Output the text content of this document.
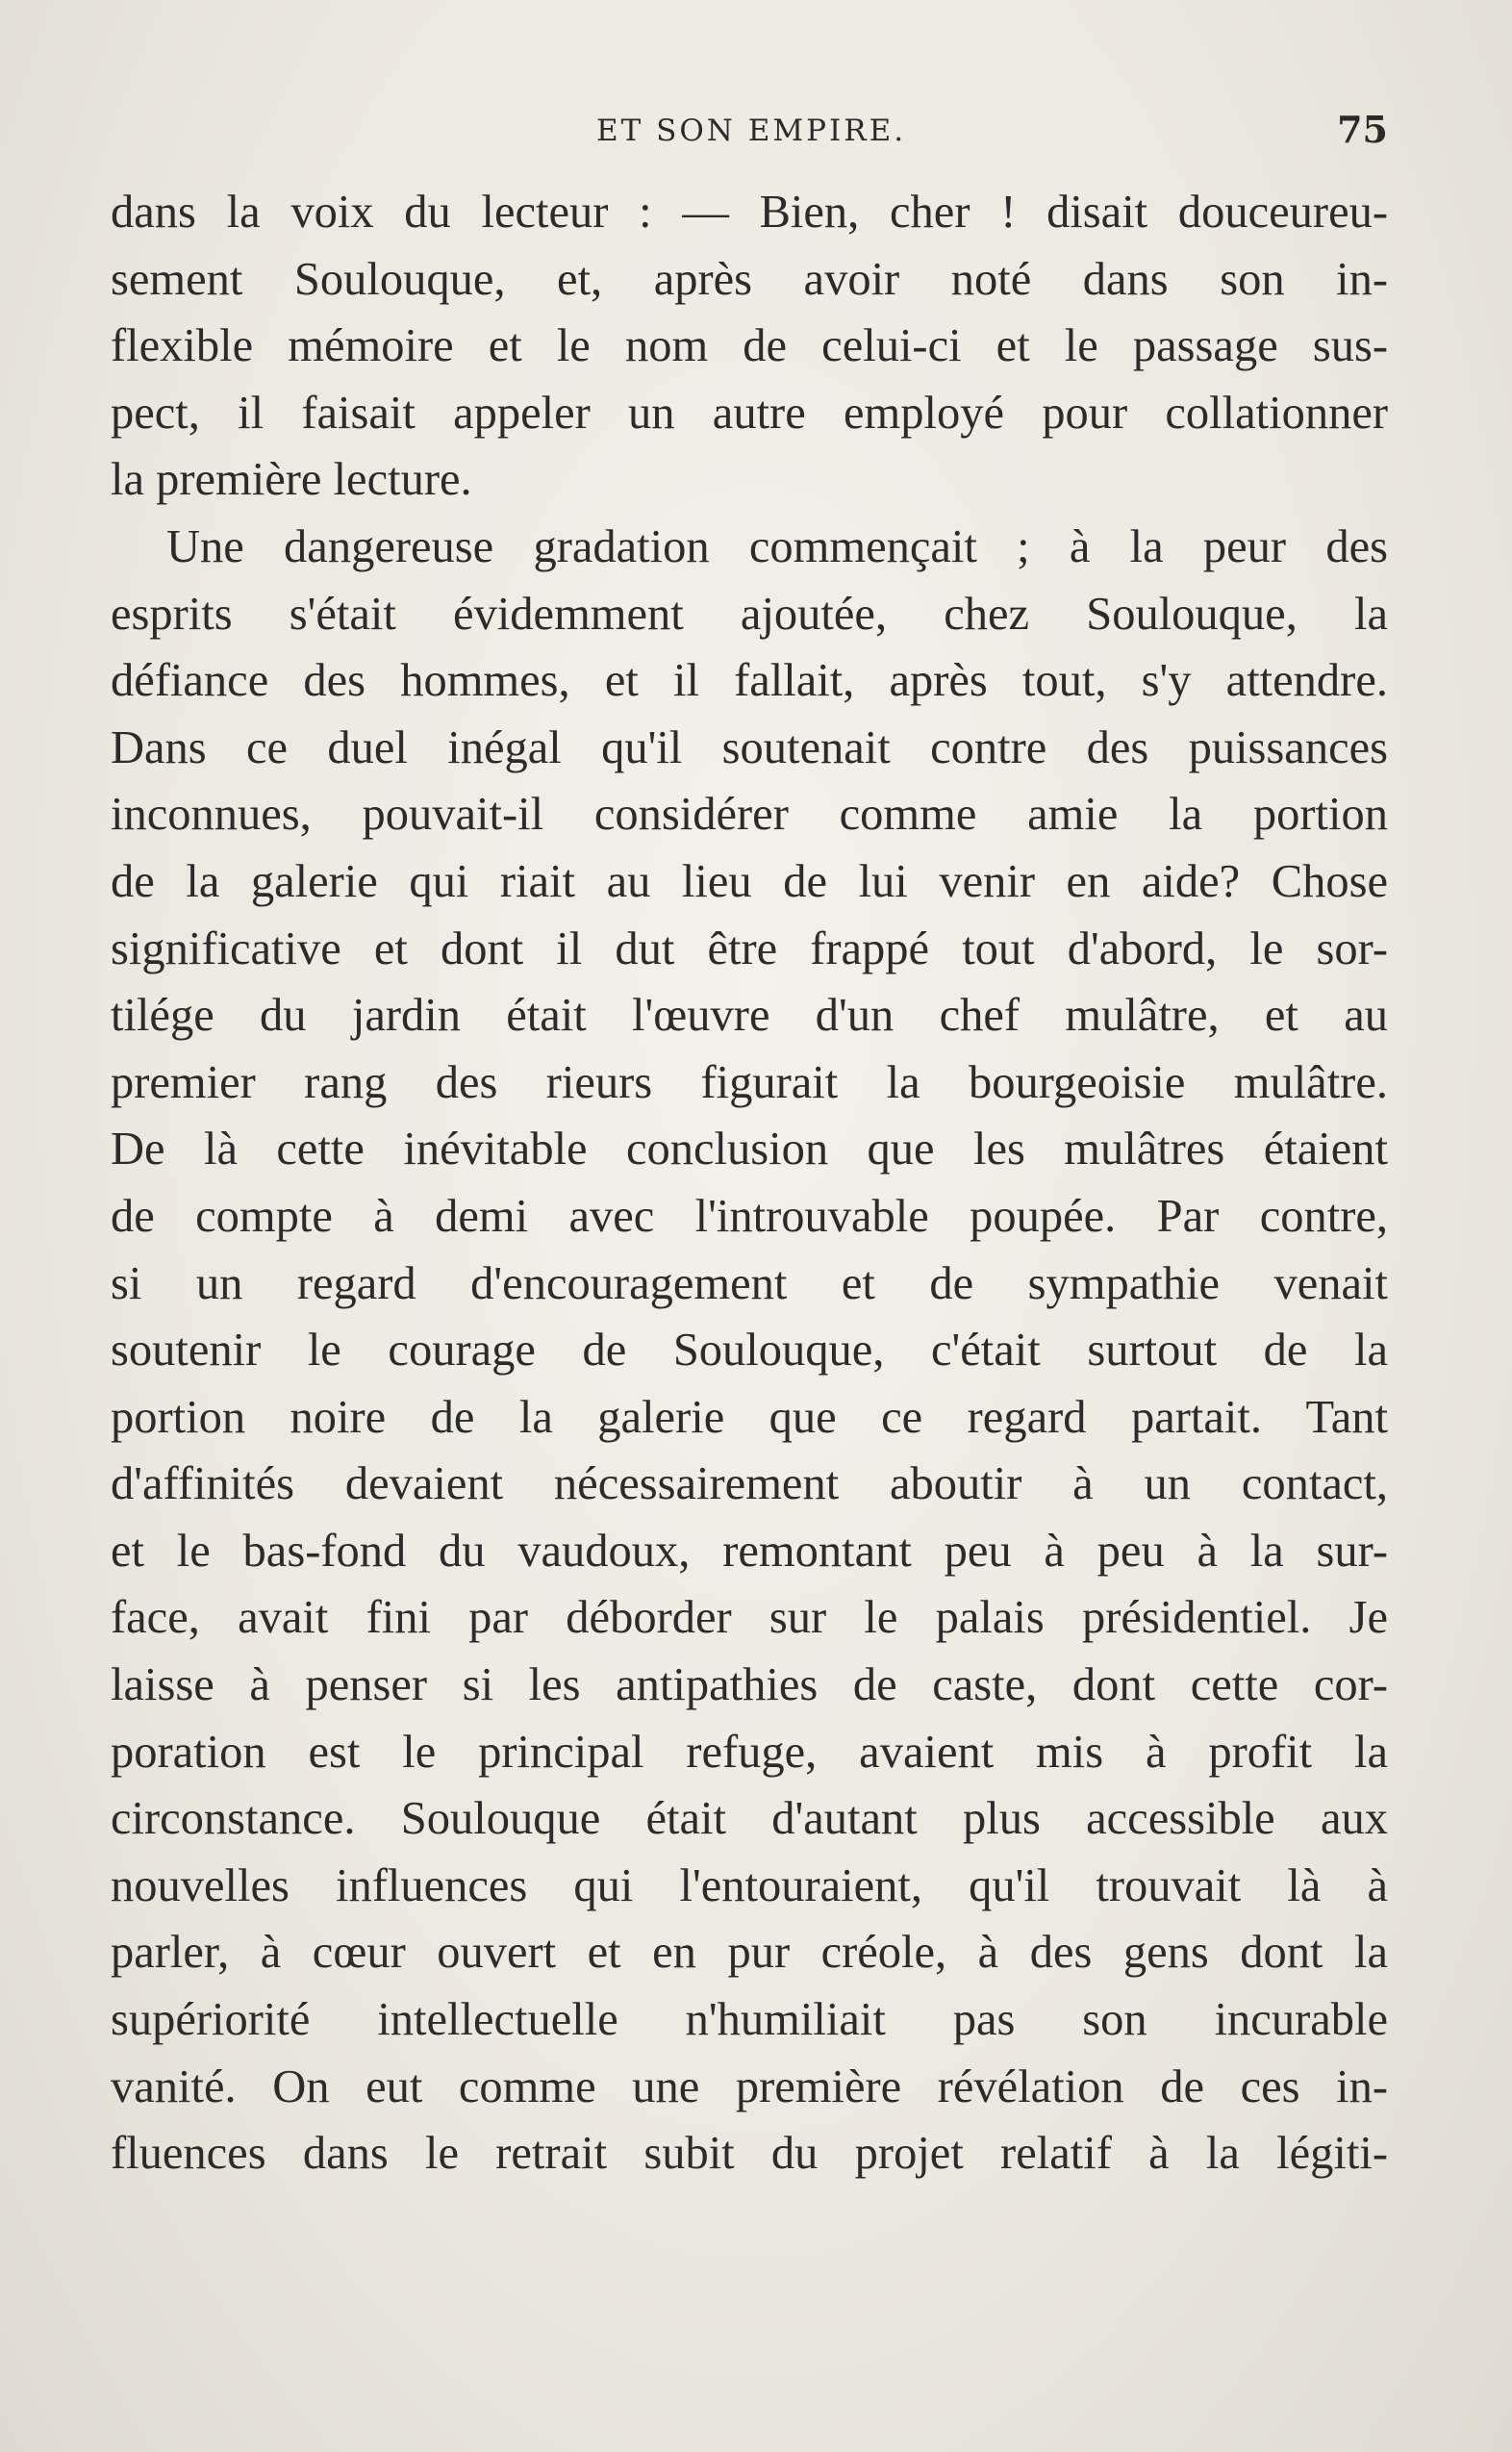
ET SON EMPIRE.	75
dans la voix du lecteur : — Bien, cher ! disait douceureu-
sement Soulouque, et, après avoir noté dans son in-
flexible mémoire et le nom de celui-ci et le passage sus-
pect, il faisait appeler un autre employé pour collationner
la première lecture.
Une dangereuse gradation commençait ; à la peur des
esprits s'était évidemment ajoutée, chez Soulouque, la
défiance des hommes, et il fallait, après tout, s'y attendre.
Dans ce duel inégal qu'il soutenait contre des puissances
inconnues, pouvait-il considérer comme amie la portion
de la galerie qui riait au lieu de lui venir en aide? Chose
significative et dont il dut être frappé tout d'abord, le sor-
tilége du jardin était l'œuvre d'un chef mulâtre, et au
premier rang des rieurs figurait la bourgeoisie mulâtre.
De là cette inévitable conclusion que les mulâtres étaient
de compte à demi avec l'introuvable poupée. Par contre,
si un regard d'encouragement et de sympathie venait
soutenir le courage de Soulouque, c'était surtout de la
portion noire de la galerie que ce regard partait. Tant
d'affinités devaient nécessairement aboutir à un contact,
et le bas-fond du vaudoux, remontant peu à peu à la sur-
face, avait fini par déborder sur le palais présidentiel. Je
laisse à penser si les antipathies de caste, dont cette cor-
poration est le principal refuge, avaient mis à profit la
circonstance. Soulouque était d'autant plus accessible aux
nouvelles influences qui l'entouraient, qu'il trouvait là à
parler, à cœur ouvert et en pur créole, à des gens dont la
supériorité intellectuelle n'humiliait pas son incurable
vanité. On eut comme une première révélation de ces in-
fluences dans le retrait subit du projet relatif à la légiti-
